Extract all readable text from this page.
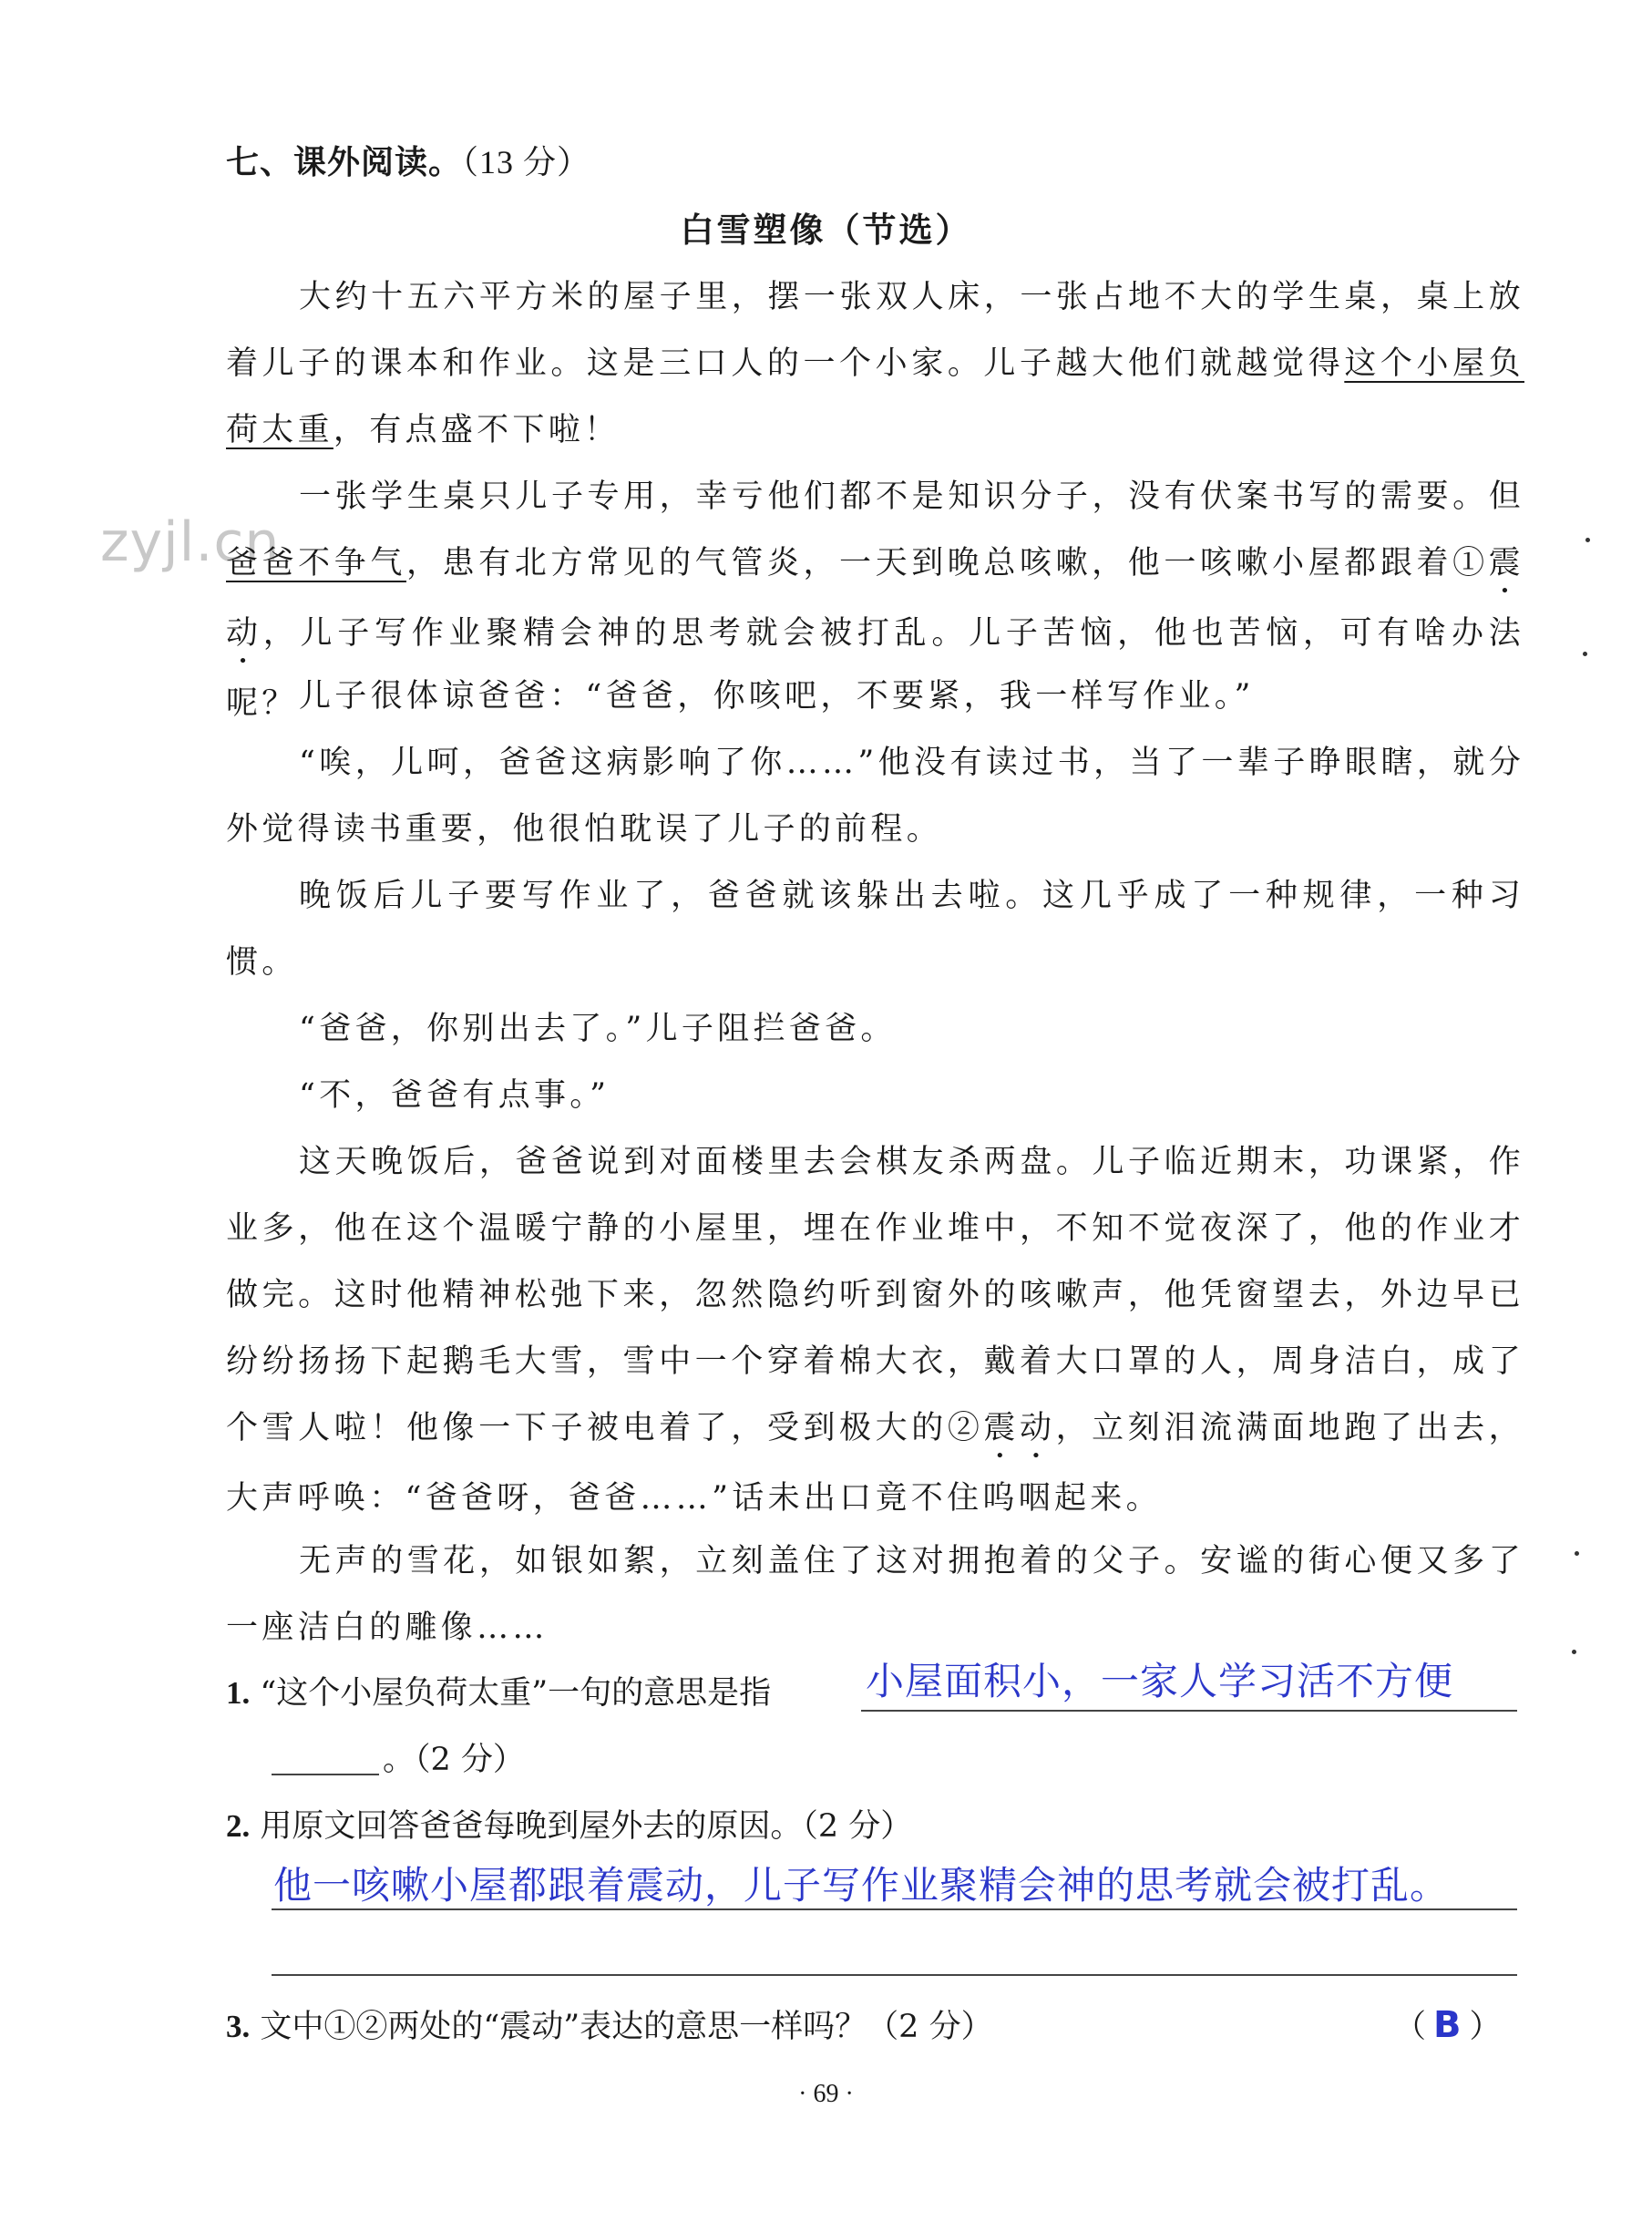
zyjl.cn
七、课外阅读。（13 分）
白雪塑像（节选）

大约十五六平方米的屋子里，摆一张双人床，一张占地不大的学生桌，桌上放着儿子的课本和作业。这是三口人的一个小家。儿子越大他们就越觉得这个小屋负荷太重，有点盛不下啦！

一张学生桌只儿子专用，幸亏他们都不是知识分子，没有伏案书写的需要。但爸爸不争气，患有北方常见的气管炎，一天到晚总咳嗽，他一咳嗽小屋都跟着①震动，儿子写作业聚精会神的思考就会被打乱。儿子苦恼，他也苦恼，可有啥办法呢？ 儿子很体谅爸爸：“爸爸，你咳吧，不要紧，我一样写作业。”

“唉，儿呵，爸爸这病影响了你……”他没有读过书，当了一辈子睁眼瞎，就分外觉得读书重要，他很怕耽误了儿子的前程。

晚饭后儿子要写作业了，爸爸就该躲出去啦。这几乎成了一种规律，一种习惯。

“爸爸，你别出去了。”儿子阻拦爸爸。

“不，爸爸有点事。”

这天晚饭后，爸爸说到对面楼里去会棋友杀两盘。儿子临近期末，功课紧，作业多，他在这个温暖宁静的小屋里，埋在作业堆中，不知不觉夜深了，他的作业才做完。这时他精神松弛下来，忽然隐约听到窗外的咳嗽声，他凭窗望去，外边早已纷纷扬扬下起鹅毛大雪，雪中一个穿着棉大衣，戴着大口罩的人，周身洁白，成了个雪人啦！他像一下子被电着了，受到极大的②震动，立刻泪流满面地跑了出去，大声呼唤：“爸爸呀，爸爸……”话未出口竟不住呜咽起来。

无声的雪花，如银如絮，立刻盖住了这对拥抱着的父子。安谧的街心便又多了一座洁白的雕像……

1. “这个小屋负荷太重”一句的意思是指 小屋面积小，一家人学习活不方便
。（2 分）
2. 用原文回答爸爸每晚到屋外去的原因。（2 分）
他一咳嗽小屋都跟着震动，儿子写作业聚精会神的思考就会被打乱。
3. 文中①②两处的“震动”表达的意思一样吗？（2 分）	（ B ）
· 69 ·
